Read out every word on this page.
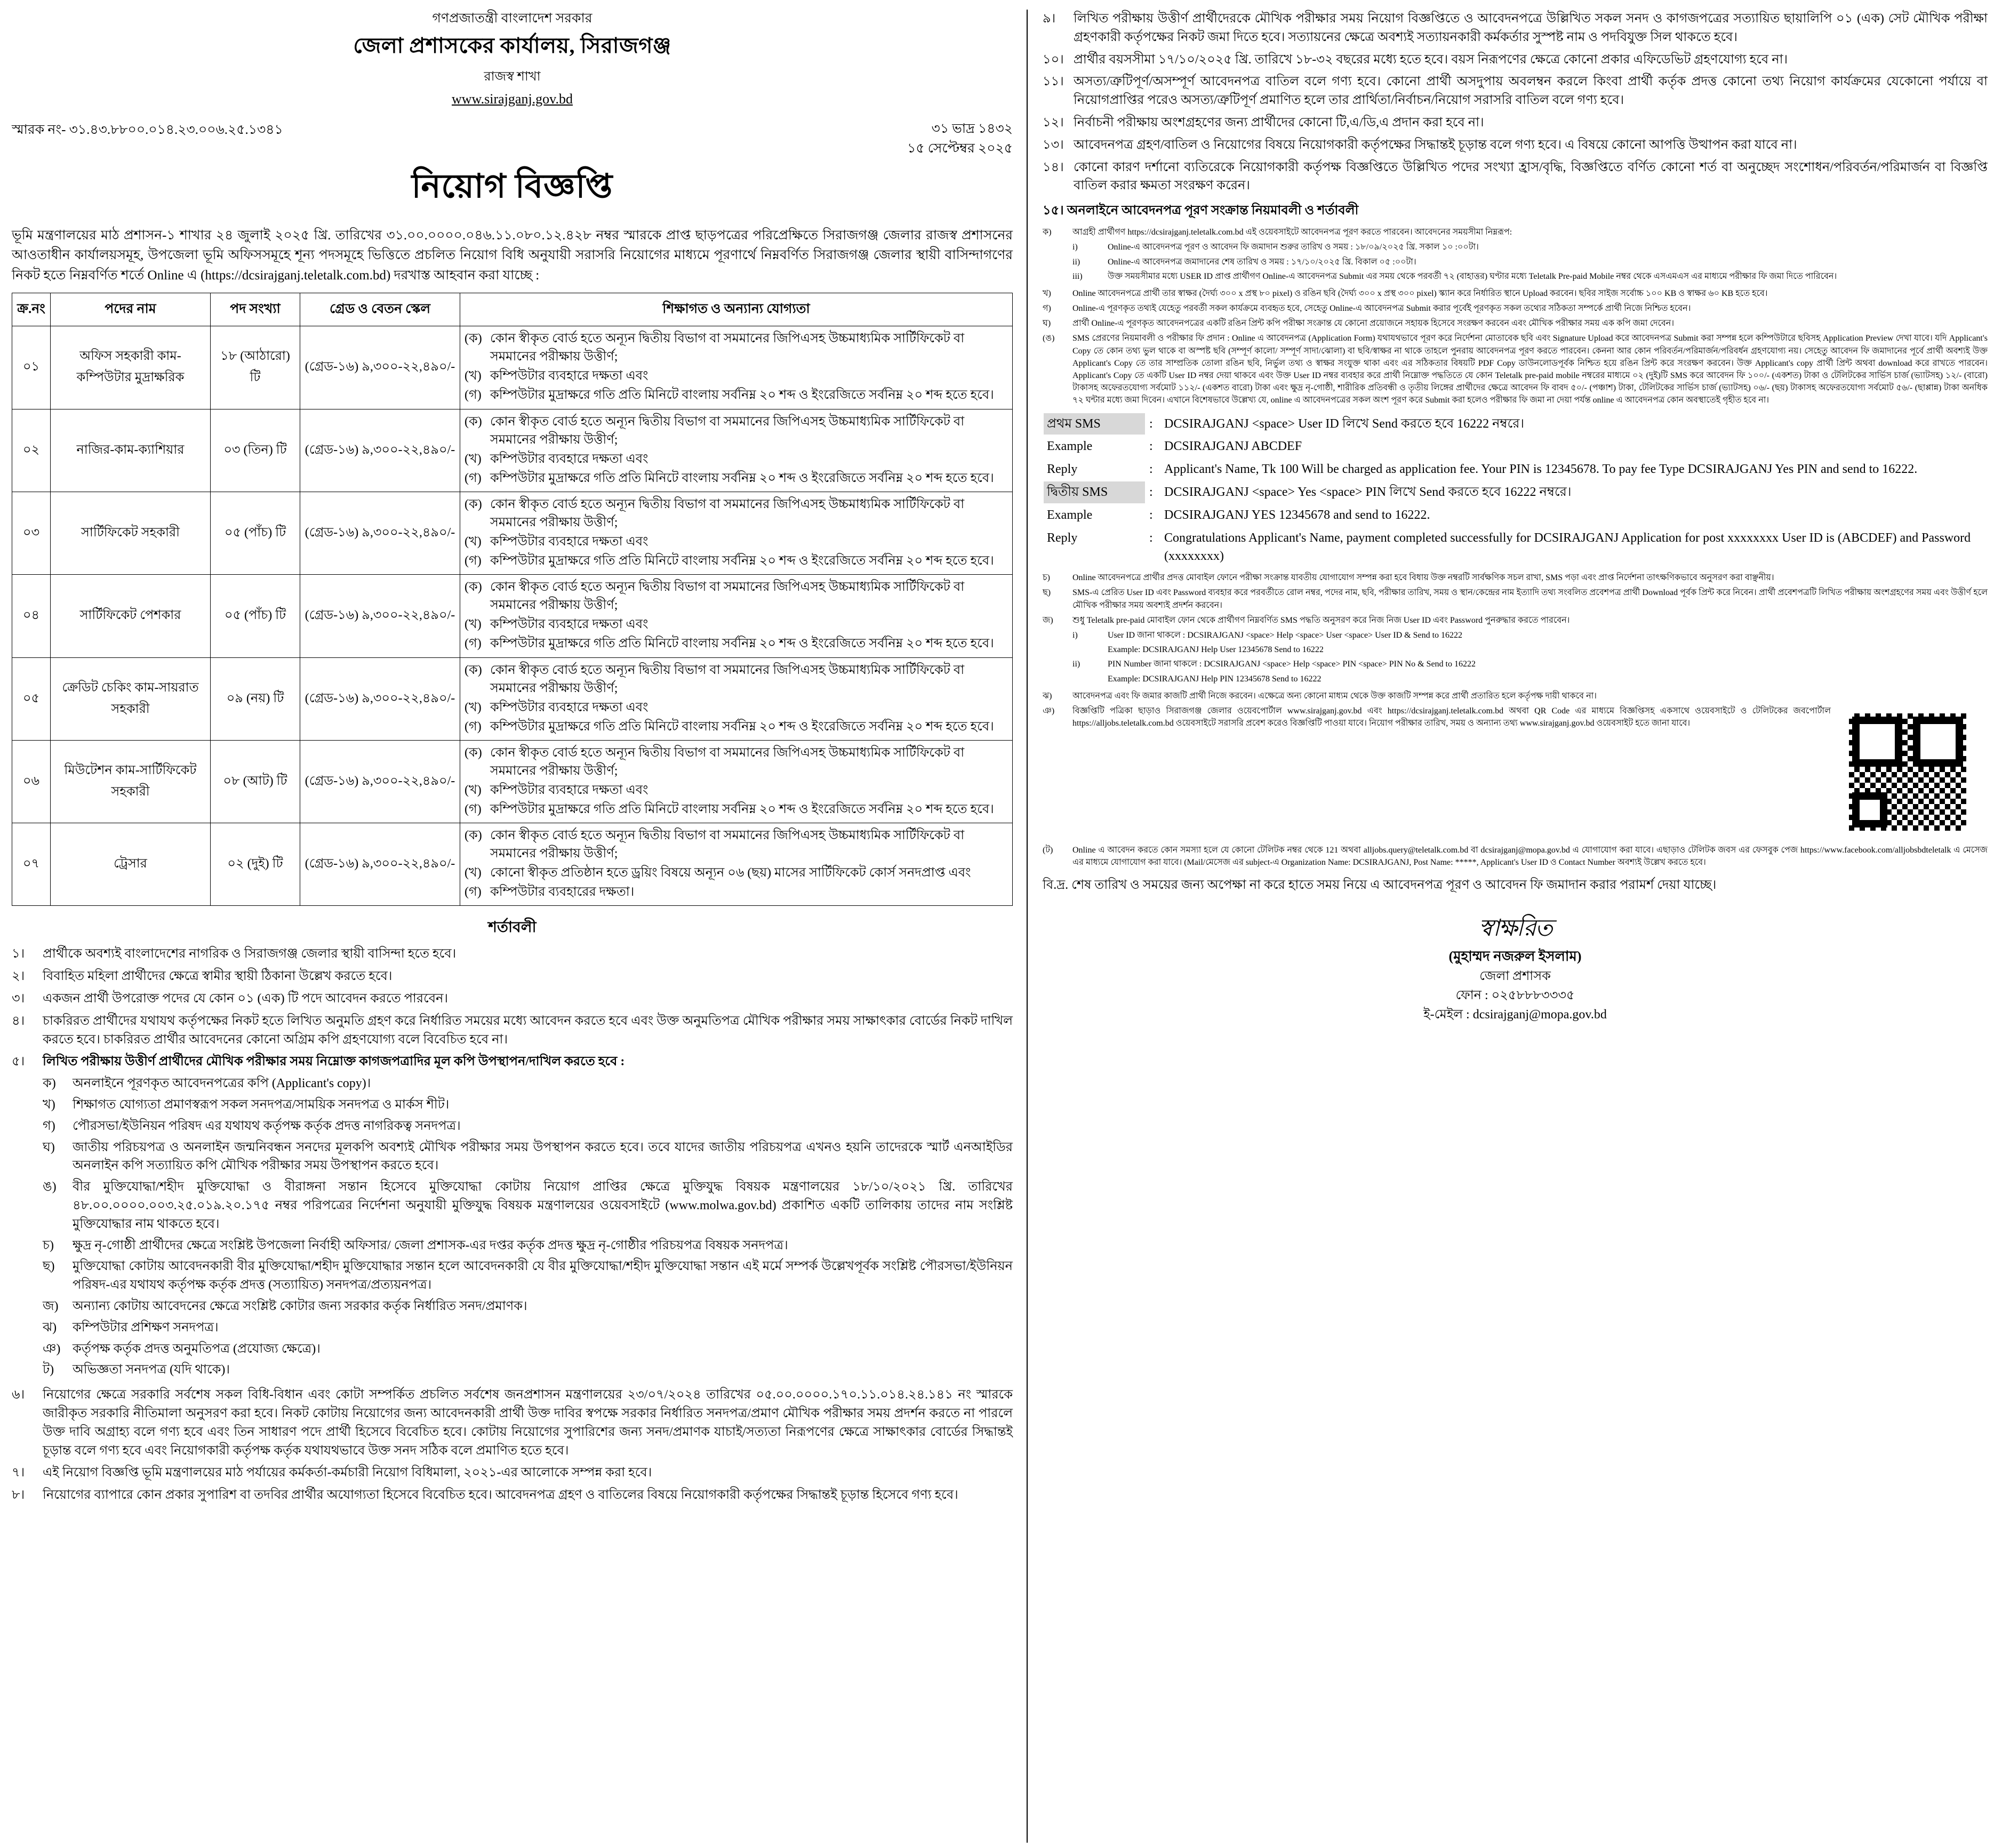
গণপ্রজাতন্ত্রী বাংলাদেশ সরকার
জেলা প্রশাসকের কার্যালয়, সিরাজগঞ্জ
রাজস্ব শাখা
www.sirajganj.gov.bd
স্মারক নং- ৩১.৪৩.৮৮০০.০১৪.২৩.০০৬.২৫.১৩৪১	৩১ ভাদ্র ১৪৩২
১৫ সেপ্টেম্বর ২০২৫
নিয়োগ বিজ্ঞপ্তি
ভূমি মন্ত্রণালয়ের মাঠ প্রশাসন-১ শাখার ২৪ জুলাই ২০২৫ খ্রি. তারিখের ৩১.০০.০০০০.০৪৬.১১.০৮০.১২.৪২৮ নম্বর স্মারকে প্রাপ্ত ছাড়পত্রের পরিপ্রেক্ষিতে সিরাজগঞ্জ জেলার রাজস্ব প্রশাসনের আওতাধীন কার্যালয়সমূহ, উপজেলা ভূমি অফিসসমূহে শূন্য পদসমূহে ভিত্তিতে প্রচলিত নিয়োগ বিধি অনুযায়ী সরাসরি নিয়োগের মাধ্যমে পূরণার্থে নিম্নবর্ণিত সিরাজগঞ্জ জেলার স্থায়ী বাসিন্দাগণের নিকট হতে নিম্নবর্ণিত শর্তে Online এ (https://dcsirajganj.teletalk.com.bd) দরখাস্ত আহবান করা যাচ্ছে :
ক্র.নং	পদের নাম	পদ সংখ্যা	গ্রেড ও বেতন স্কেল	শিক্ষাগত ও অন্যান্য যোগ্যতা
০১	অফিস সহকারী কাম-কম্পিউটার মুদ্রাক্ষরিক	১৮ (আঠারো) টি	(গ্রেড-১৬) ৯,৩০০-২২,৪৯০/-	
(ক) কোন স্বীকৃত বোর্ড হতে অন্যূন দ্বিতীয় বিভাগ বা সমমানের জিপিএসহ উচ্চমাধ্যমিক সার্টিফিকেট বা সমমানের পরীক্ষায় উত্তীর্ণ;
(খ) কম্পিউটার ব্যবহারে দক্ষতা এবং
(গ) কম্পিউটার মুদ্রাক্ষরে গতি প্রতি মিনিটে বাংলায় সর্বনিম্ন ২০ শব্দ ও ইংরেজিতে সর্বনিম্ন ২০ শব্দ হতে হবে।

০২	নাজির-কাম-ক্যাশিয়ার	০৩ (তিন) টি	(গ্রেড-১৬) ৯,৩০০-২২,৪৯০/-	
(ক) কোন স্বীকৃত বোর্ড হতে অন্যূন দ্বিতীয় বিভাগ বা সমমানের জিপিএসহ উচ্চমাধ্যমিক সার্টিফিকেট বা সমমানের পরীক্ষায় উত্তীর্ণ;
(খ) কম্পিউটার ব্যবহারে দক্ষতা এবং
(গ) কম্পিউটার মুদ্রাক্ষরে গতি প্রতি মিনিটে বাংলায় সর্বনিম্ন ২০ শব্দ ও ইংরেজিতে সর্বনিম্ন ২০ শব্দ হতে হবে।

০৩	সার্টিফিকেট সহকারী	০৫ (পাঁচ) টি	(গ্রেড-১৬) ৯,৩০০-২২,৪৯০/-	
(ক) কোন স্বীকৃত বোর্ড হতে অন্যূন দ্বিতীয় বিভাগ বা সমমানের জিপিএসহ উচ্চমাধ্যমিক সার্টিফিকেট বা সমমানের পরীক্ষায় উত্তীর্ণ;
(খ) কম্পিউটার ব্যবহারে দক্ষতা এবং
(গ) কম্পিউটার মুদ্রাক্ষরে গতি প্রতি মিনিটে বাংলায় সর্বনিম্ন ২০ শব্দ ও ইংরেজিতে সর্বনিম্ন ২০ শব্দ হতে হবে।

০৪	সার্টিফিকেট পেশকার	০৫ (পাঁচ) টি	(গ্রেড-১৬) ৯,৩০০-২২,৪৯০/-	
(ক) কোন স্বীকৃত বোর্ড হতে অন্যূন দ্বিতীয় বিভাগ বা সমমানের জিপিএসহ উচ্চমাধ্যমিক সার্টিফিকেট বা সমমানের পরীক্ষায় উত্তীর্ণ;
(খ) কম্পিউটার ব্যবহারে দক্ষতা এবং
(গ) কম্পিউটার মুদ্রাক্ষরে গতি প্রতি মিনিটে বাংলায় সর্বনিম্ন ২০ শব্দ ও ইংরেজিতে সর্বনিম্ন ২০ শব্দ হতে হবে।

০৫	ক্রেডিট চেকিং কাম-সায়রাত সহকারী	০৯ (নয়) টি	(গ্রেড-১৬) ৯,৩০০-২২,৪৯০/-	
(ক) কোন স্বীকৃত বোর্ড হতে অন্যূন দ্বিতীয় বিভাগ বা সমমানের জিপিএসহ উচ্চমাধ্যমিক সার্টিফিকেট বা সমমানের পরীক্ষায় উত্তীর্ণ;
(খ) কম্পিউটার ব্যবহারে দক্ষতা এবং
(গ) কম্পিউটার মুদ্রাক্ষরে গতি প্রতি মিনিটে বাংলায় সর্বনিম্ন ২০ শব্দ ও ইংরেজিতে সর্বনিম্ন ২০ শব্দ হতে হবে।

০৬	মিউটেশন কাম-সার্টিফিকেট সহকারী	০৮ (আট) টি	(গ্রেড-১৬) ৯,৩০০-২২,৪৯০/-	
(ক) কোন স্বীকৃত বোর্ড হতে অন্যূন দ্বিতীয় বিভাগ বা সমমানের জিপিএসহ উচ্চমাধ্যমিক সার্টিফিকেট বা সমমানের পরীক্ষায় উত্তীর্ণ;
(খ) কম্পিউটার ব্যবহারে দক্ষতা এবং
(গ) কম্পিউটার মুদ্রাক্ষরে গতি প্রতি মিনিটে বাংলায় সর্বনিম্ন ২০ শব্দ ও ইংরেজিতে সর্বনিম্ন ২০ শব্দ হতে হবে।

০৭	ট্রেসার	০২ (দুই) টি	(গ্রেড-১৬) ৯,৩০০-২২,৪৯০/-	
(ক) কোন স্বীকৃত বোর্ড হতে অন্যূন দ্বিতীয় বিভাগ বা সমমানের জিপিএসহ উচ্চমাধ্যমিক সার্টিফিকেট বা সমমানের পরীক্ষায় উত্তীর্ণ;
(খ) কোনো স্বীকৃত প্রতিষ্ঠান হতে ড্রয়িং বিষয়ে অন্যূন ০৬ (ছয়) মাসের সার্টিফিকেট কোর্স সনদপ্রাপ্ত এবং
(গ) কম্পিউটার ব্যবহারের দক্ষতা।
শর্তাবলী
১।	প্রার্থীকে অবশ্যই বাংলাদেশের নাগরিক ও সিরাজগঞ্জ জেলার স্থায়ী বাসিন্দা হতে হবে।
২।	বিবাহিত মহিলা প্রার্থীদের ক্ষেত্রে স্বামীর স্থায়ী ঠিকানা উল্লেখ করতে হবে।
৩।	একজন প্রার্থী উপরোক্ত পদের যে কোন ০১ (এক) টি পদে আবেদন করতে পারবেন।
৪।	চাকরিরত প্রার্থীদের যথাযথ কর্তৃপক্ষের নিকট হতে লিখিত অনুমতি গ্রহণ করে নির্ধারিত সময়ের মধ্যে আবেদন করতে হবে এবং উক্ত অনুমতিপত্র মৌখিক পরীক্ষার সময় সাক্ষাৎকার বোর্ডের নিকট দাখিল করতে হবে। চাকরিরত প্রার্থীর আবেদনের কোনো অগ্রিম কপি গ্রহণযোগ্য বলে বিবেচিত হবে না।
৫।	লিখিত পরীক্ষায় উত্তীর্ণ প্রার্থীদের মৌখিক পরীক্ষার সময় নিম্নোক্ত কাগজপত্রাদির মূল কপি উপস্থাপন/দাখিল করতে হবে :
ক)	অনলাইনে পূরণকৃত আবেদনপত্রের কপি (Applicant's copy)।
খ)	শিক্ষাগত যোগ্যতা প্রমাণস্বরূপ সকল সনদপত্র/সাময়িক সনদপত্র ও মার্কস শীট।
গ)	পৌরসভা/ইউনিয়ন পরিষদ এর যথাযথ কর্তৃপক্ষ কর্তৃক প্রদত্ত নাগরিকত্ব সনদপত্র।
ঘ)	জাতীয় পরিচয়পত্র ও অনলাইন জন্মনিবন্ধন সনদের মূলকপি অবশ্যই মৌখিক পরীক্ষার সময় উপস্থাপন করতে হবে। তবে যাদের জাতীয় পরিচয়পত্র এখনও হয়নি তাদেরকে স্মার্ট এনআইডির অনলাইন কপি সত্যায়িত কপি মৌখিক পরীক্ষার সময় উপস্থাপন করতে হবে।
ঙ)	বীর মুক্তিযোদ্ধা/শহীদ মুক্তিযোদ্ধা ও বীরাঙ্গনা সন্তান হিসেবে মুক্তিযোদ্ধা কোটায় নিয়োগ প্রাপ্তির ক্ষেত্রে মুক্তিযুদ্ধ বিষয়ক মন্ত্রণালয়ের ১৮/১০/২০২১ খ্রি. তারিখের ৪৮.০০.০০০০.০০৩.২৫.০১৯.২০.১৭৫ নম্বর পরিপত্রের নির্দেশনা অনুযায়ী মুক্তিযুদ্ধ বিষয়ক মন্ত্রণালয়ের ওয়েবসাইটে (www.molwa.gov.bd) প্রকাশিত একটি তালিকায় তাদের নাম সংশ্লিষ্ট মুক্তিযোদ্ধার নাম থাকতে হবে।
চ)	ক্ষুদ্র নৃ-গোষ্ঠী প্রার্থীদের ক্ষেত্রে সংশ্লিষ্ট উপজেলা নির্বাহী অফিসার/ জেলা প্রশাসক-এর দপ্তর কর্তৃক প্রদত্ত ক্ষুদ্র নৃ-গোষ্ঠীর পরিচয়পত্র বিষয়ক সনদপত্র।
ছ)	মুক্তিযোদ্ধা কোটায় আবেদনকারী বীর মুক্তিযোদ্ধা/শহীদ মুক্তিযোদ্ধার সন্তান হলে আবেদনকারী যে বীর মুক্তিযোদ্ধা/শহীদ মুক্তিযোদ্ধা সন্তান এই মর্মে সম্পর্ক উল্লেখপূর্বক সংশ্লিষ্ট পৌরসভা/ইউনিয়ন পরিষদ-এর যথাযথ কর্তৃপক্ষ কর্তৃক প্রদত্ত (সত্যায়িত) সনদপত্র/প্রত্যয়নপত্র।
জ)	অন্যান্য কোটায় আবেদনের ক্ষেত্রে সংশ্লিষ্ট কোটার জন্য সরকার কর্তৃক নির্ধারিত সনদ/প্রমাণক।
ঝ)	কম্পিউটার প্রশিক্ষণ সনদপত্র।
ঞ) কর্তৃপক্ষ কর্তৃক প্রদত্ত অনুমতিপত্র (প্রযোজ্য ক্ষেত্রে)।
ট)	অভিজ্ঞতা সনদপত্র (যদি থাকে)।
৬।	নিয়োগের ক্ষেত্রে সরকারি সর্বশেষ সকল বিধি-বিধান এবং কোটা সম্পর্কিত প্রচলিত সর্বশেষ জনপ্রশাসন মন্ত্রণালয়ের ২৩/০৭/২০২৪ তারিখের ০৫.০০.০০০০.১৭০.১১.০১৪.২৪.১৪১ নং স্মারকে জারীকৃত সরকারি নীতিমালা অনুসরণ করা হবে। নিকট কোটায় নিয়োগের জন্য আবেদনকারী প্রার্থী উক্ত দাবির স্বপক্ষে সরকার নির্ধারিত সনদপত্র/প্রমাণ মৌখিক পরীক্ষার সময় প্রদর্শন করতে না পারলে উক্ত দাবি অগ্রাহ্য বলে গণ্য হবে এবং তিন সাধারণ পদে প্রার্থী হিসেবে বিবেচিত হবে। কোটায় নিয়োগের সুপারিশের জন্য সনদ/প্রমাণক যাচাই/সত্যতা নিরূপণের ক্ষেত্রে সাক্ষাৎকার বোর্ডের সিদ্ধান্তই চূড়ান্ত বলে গণ্য হবে এবং নিয়োগকারী কর্তৃপক্ষ কর্তৃক যথাযথভাবে উক্ত সনদ সঠিক বলে প্রমাণিত হতে হবে।
৭।	এই নিয়োগ বিজ্ঞপ্তি ভূমি মন্ত্রণালয়ের মাঠ পর্যায়ের কর্মকর্তা-কর্মচারী নিয়োগ বিধিমালা, ২০২১-এর আলোকে সম্পন্ন করা হবে।
৮।	নিয়োগের ব্যাপারে কোন প্রকার সুপারিশ বা তদবির প্রার্থীর অযোগ্যতা হিসেবে বিবেচিত হবে। আবেদনপত্র গ্রহণ ও বাতিলের বিষয়ে নিয়োগকারী কর্তৃপক্ষের সিদ্ধান্তই চূড়ান্ত হিসেবে গণ্য হবে।
৯।	লিখিত পরীক্ষায় উত্তীর্ণ প্রার্থীদেরকে মৌখিক পরীক্ষার সময় নিয়োগ বিজ্ঞপ্তিতে ও আবেদনপত্রে উল্লিখিত সকল সনদ ও কাগজপত্রের সত্যায়িত ছায়ালিপি ০১ (এক) সেট মৌখিক পরীক্ষা গ্রহণকারী কর্তৃপক্ষের নিকট জমা দিতে হবে। সত্যায়নের ক্ষেত্রে অবশ্যই সত্যায়নকারী কর্মকর্তার সুস্পষ্ট নাম ও পদবিযুক্ত সিল থাকতে হবে।
১০। প্রার্থীর বয়সসীমা ১৭/১০/২০২৫ খ্রি. তারিখে ১৮-৩২ বছরের মধ্যে হতে হবে। বয়স নিরূপণের ক্ষেত্রে কোনো প্রকার এফিডেভিট গ্রহণযোগ্য হবে না।
১১। অসত্য/ত্রুটিপূর্ণ/অসম্পূর্ণ আবেদনপত্র বাতিল বলে গণ্য হবে। কোনো প্রার্থী অসদুপায় অবলম্বন করলে কিংবা প্রার্থী কর্তৃক প্রদত্ত কোনো তথ্য নিয়োগ কার্যক্রমের যেকোনো পর্যায়ে বা নিয়োগপ্রাপ্তির পরেও অসত্য/ত্রুটিপূর্ণ প্রমাণিত হলে তার প্রার্থিতা/নির্বাচন/নিয়োগ সরাসরি বাতিল বলে গণ্য হবে।
১২। নির্বাচনী পরীক্ষায় অংশগ্রহণের জন্য প্রার্থীদের কোনো টি,এ/ডি,এ প্রদান করা হবে না।
১৩। আবেদনপত্র গ্রহণ/বাতিল ও নিয়োগের বিষয়ে নিয়োগকারী কর্তৃপক্ষের সিদ্ধান্তই চূড়ান্ত বলে গণ্য হবে। এ বিষয়ে কোনো আপত্তি উত্থাপন করা যাবে না।
১৪। কোনো কারণ দর্শানো ব্যতিরেকে নিয়োগকারী কর্তৃপক্ষ বিজ্ঞপ্তিতে উল্লিখিত পদের সংখ্যা হ্রাস/বৃদ্ধি, বিজ্ঞপ্তিতে বর্ণিত কোনো শর্ত বা অনুচ্ছেদ সংশোধন/পরিবর্তন/পরিমার্জন বা বিজ্ঞপ্তি বাতিল করার ক্ষমতা সংরক্ষণ করেন।
১৫। অনলাইনে আবেদনপত্র পূরণ সংক্রান্ত নিয়মাবলী ও শর্তাবলী
ক)	আগ্রহী প্রার্থীগণ https://dcsirajganj.teletalk.com.bd এই ওয়েবসাইটে আবেদনপত্র পূরণ করতে পারবেন। আবেদনের সময়সীমা নিম্নরূপ:
i)	Online-এ আবেদনপত্র পূরণ ও আবেদন ফি জমাদান শুরুর তারিখ ও সময় : ১৮/০৯/২০২৫ খ্রি. সকাল ১০ :০০টা।
ii)	Online-এ আবেদনপত্র জমাদানের শেষ তারিখ ও সময় : ১৭/১০/২০২৫ খ্রি. বিকাল ০৫ :০০টা।
iii)	উক্ত সময়সীমার মধ্যে USER ID প্রাপ্ত প্রার্থীগণ Online-এ আবেদনপত্র Submit এর সময় থেকে পরবর্তী ৭২ (বাহাত্তর) ঘণ্টার মধ্যে Teletalk Pre-paid Mobile নম্বর থেকে এসএমএস এর মাধ্যমে পরীক্ষার ফি জমা দিতে পারিবেন।
খ)	Online আবেদনপত্রে প্রার্থী তার স্বাক্ষর (দৈর্ঘ্য ৩০০ x প্রস্থ ৮০ pixel) ও রঙিন ছবি (দৈর্ঘ্য ৩০০ x প্রস্থ ৩০০ pixel) স্ক্যান করে নির্ধারিত স্থানে Upload করবেন। ছবির সাইজ সর্বোচ্চ ১০০ KB ও স্বাক্ষর ৬০ KB হতে হবে।
গ)	Online-এ পূরণকৃত তথ্যই যেহেতু পরবর্তী সকল কার্যক্রমে ব্যবহৃত হবে, সেহেতু Online-এ আবেদনপত্র Submit করার পূর্বেই পূরণকৃত সকল তথ্যের সঠিকতা সম্পর্কে প্রার্থী নিজে নিশ্চিত হবেন।
ঘ)	প্রার্থী Online-এ পূরণকৃত আবেদনপত্রের একটি রঙিন প্রিন্ট কপি পরীক্ষা সংক্রান্ত যে কোনো প্রয়োজনে সহায়ক হিসেবে সংরক্ষণ করবেন এবং মৌখিক পরীক্ষার সময় এক কপি জমা দেবেন।
(ঙ)	SMS প্রেরণের নিয়মাবলী ও পরীক্ষার ফি প্রদান : Online এ আবেদনপত্র (Application Form) যথাযথভাবে পূরণ করে নির্দেশনা মোতাবেক ছবি এবং Signature Upload করে আবেদনপত্র Submit করা সম্পন্ন হলে কম্পিউটারে ছবিসহ Application Preview দেখা যাবে। যদি Applicant's Copy তে কোন তথ্য ভুল থাকে বা অস্পষ্ট ছবি (সম্পূর্ণ কালো/ সম্পূর্ণ সাদা/ঝোলা) বা ছবি/স্বাক্ষর না থাকে তাহলে পুনরায় আবেদনপত্র পূরণ করতে পারবেন। কেননা আর কোন পরিবর্তন/পরিমার্জন/পরিবর্ধন গ্রহণযোগ্য নয়। সেহেতু আবেদন ফি জমাদানের পূর্বে প্রার্থী অবশ্যই উক্ত Applicant's Copy তে তার সাম্প্রতিক তোলা রঙিন ছবি, নির্ভুল তথ্য ও স্বাক্ষর সংযুক্ত থাকা এবং এর সঠিকতার বিষয়টি PDF Copy ডাউনলোডপূর্বক নিশ্চিত হয়ে রঙিন প্রিন্ট করে সংরক্ষণ করবেন। উক্ত Applicant's copy প্রার্থী প্রিন্ট অথবা download করে রাখতে পারবেন। Applicant's Copy তে একটি User ID নম্বর দেয়া থাকবে এবং উক্ত User ID নম্বর ব্যবহার করে প্রার্থী নিম্নোক্ত পদ্ধতিতে যে কোন Teletalk pre-paid mobile নম্বরের মাধ্যমে ০২ (দুই)টি SMS করে আবেদন ফি ১০০/- (একশত) টাকা ও টেলিটকের সার্ভিস চার্জ (ভ্যাটসহ) ১২/- (বারো) টাকাসহ অফেরতযোগ্য সর্বমোট ১১২/- (একশত বারো) টাকা এবং ক্ষুদ্র নৃ-গোষ্ঠী, শারীরিক প্রতিবন্ধী ও তৃতীয় লিঙ্গের প্রার্থীদের ক্ষেত্রে আবেদন ফি বাবদ ৫০/- (পঞ্চাশ) টাকা, টেলিটকের সার্ভিস চার্জ (ভ্যাটসহ) ০৬/- (ছয়) টাকাসহ অফেরতযোগ্য সর্বমোট ৫৬/- (ছাপ্পান্ন) টাকা অনধিক ৭২ ঘন্টার মধ্যে জমা দিবেন। এখানে বিশেষভাবে উল্লেখ্য যে, online এ আবেদনপত্রের সকল অংশ পূরণ করে Submit করা হলেও পরীক্ষার ফি জমা না দেয়া পর্যন্ত online এ আবেদনপত্র কোন অবস্থাতেই গৃহীত হবে না।
প্রথম SMS	:	DCSIRAJGANJ <space> User ID লিখে Send করতে হবে 16222 নম্বরে।
Example	:	DCSIRAJGANJ ABCDEF
Reply	:	Applicant's Name, Tk 100 Will be charged as application fee. Your PIN is 12345678. To pay fee Type DCSIRAJGANJ Yes PIN and send to 16222.
দ্বিতীয় SMS	:	DCSIRAJGANJ <space> Yes <space> PIN লিখে Send করতে হবে 16222 নম্বরে।
Example	:	DCSIRAJGANJ YES 12345678 and send to 16222.
Reply	:	Congratulations Applicant's Name, payment completed successfully for DCSIRAJGANJ Application for post xxxxxxxx User ID is (ABCDEF) and Password (xxxxxxxx)
চ)	Online আবেদনপত্রে প্রার্থীর প্রদত্ত মোবাইল ফোনে পরীক্ষা সংক্রান্ত যাবতীয় যোগাযোগ সম্পন্ন করা হবে বিধায় উক্ত নম্বরটি সার্বক্ষণিক সচল রাখা, SMS পড়া এবং প্রাপ্ত নির্দেশনা তাৎক্ষণিকভাবে অনুসরণ করা বাঞ্ছনীয়।
ছ)	SMS-এ প্রেরিত User ID এবং Password ব্যবহার করে পরবর্তীতে রোল নম্বর, পদের নাম, ছবি, পরীক্ষার তারিখ, সময় ও স্থান/কেন্দ্রের নাম ইত্যাদি তথ্য সংবলিত প্রবেশপত্র প্রার্থী Download পূর্বক প্রিন্ট করে নিবেন। প্রার্থী প্রবেশপত্রটি লিখিত পরীক্ষায় অংশগ্রহণের সময় এবং উত্তীর্ণ হলে মৌখিক পরীক্ষার সময় অবশ্যই প্রদর্শন করবেন।
জ)	শুধু Teletalk pre-paid মোবাইল ফোন থেকে প্রার্থীগণ নিম্নবর্ণিত SMS পদ্ধতি অনুসরণ করে নিজ নিজ User ID এবং Password পুনরুদ্ধার করতে পারবেন।
i)	User ID জানা থাকলে : DCSIRAJGANJ <space> Help <space> User <space> User ID & Send to 16222
Example: DCSIRAJGANJ Help User 12345678 Send to 16222
ii)	PIN Number জানা থাকলে : DCSIRAJGANJ <space> Help <space> PIN <space> PIN No & Send to 16222
Example: DCSIRAJGANJ Help PIN 12345678 Send to 16222
ঝ)	আবেদনপত্র এবং ফি জমার কাজটি প্রার্থী নিজে করবেন। এক্ষেত্রে অন্য কোনো মাধ্যম থেকে উক্ত কাজটি সম্পন্ন করে প্রার্থী প্রতারিত হলে কর্তৃপক্ষ দায়ী থাকবে না।
ঞ)	বিজ্ঞপ্তিটি পত্রিকা ছাড়াও সিরাজগঞ্জ জেলার ওয়েবপোর্টাল www.sirajganj.gov.bd এবং https://dcsirajganj.teletalk.com.bd অথবা QR Code এর মাধ্যমে বিজ্ঞপ্তিসহ একসাথে ওয়েবসাইটে ও টেলিটকের জবপোর্টাল https://alljobs.teletalk.com.bd ওয়েবসাইটে সরাসরি প্রবেশ করেও বিজ্ঞপ্তিটি পাওয়া যাবে। নিয়োগ পরীক্ষার তারিখ, সময় ও অন্যান্য তথ্য www.sirajganj.gov.bd ওয়েবসাইট হতে জানা যাবে।
(ট)	Online এ আবেদন করতে কোন সমস্যা হলে যে কোনো টেলিটক নম্বর থেকে 121 অথবা alljobs.query@teletalk.com.bd বা dcsirajganj@mopa.gov.bd এ যোগাযোগ করা যাবে। এছাড়াও টেলিটক জবস এর ফেসবুক পেজ https://www.facebook.com/alljobsbdteletalk এ মেসেজ এর মাধ্যমে যোগাযোগ করা যাবে। (Mail/মেসেজ এর subject-এ Organization Name: DCSIRAJGANJ, Post Name: *****, Applicant's User ID ও Contact Number অবশ্যই উল্লেখ করতে হবে।
বি.দ্র. শেষ তারিখ ও সময়ের জন্য অপেক্ষা না করে হাতে সময় নিয়ে এ আবেদনপত্র পূরণ ও আবেদন ফি জমাদান করার পরামর্শ দেয়া যাচ্ছে।
স্বাক্ষরিত
(মুহাম্মদ নজরুল ইসলাম)
জেলা প্রশাসক
ফোন : ০২৫৮৮৮৩৩৩৫
ই-মেইল : dcsirajganj@mopa.gov.bd
